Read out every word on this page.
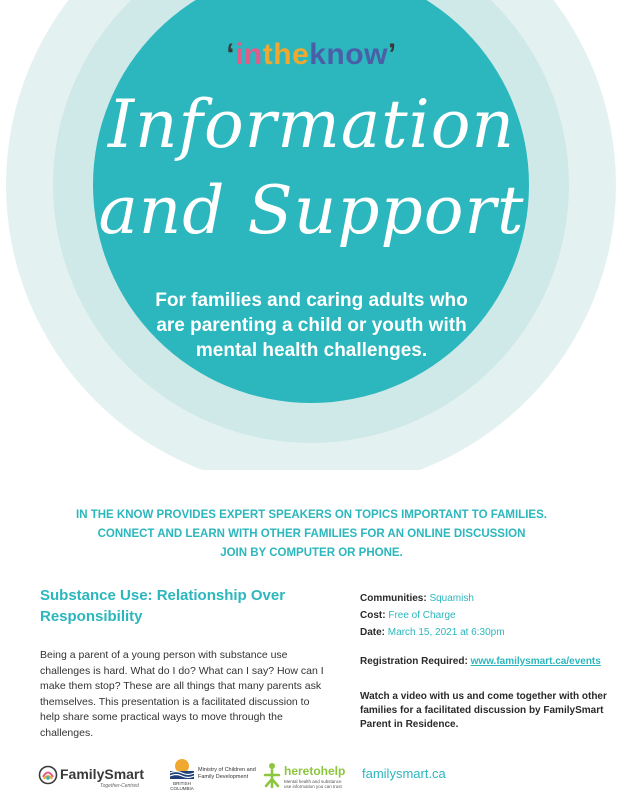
‘intheknow’
Information
and Support
For families and caring adults who
are parenting a child or youth with
mental health challenges.
IN THE KNOW PROVIDES EXPERT SPEAKERS ON TOPICS IMPORTANT TO FAMILIES.
CONNECT AND LEARN WITH OTHER FAMILIES FOR AN ONLINE DISCUSSION
JOIN BY COMPUTER OR PHONE.
Substance Use: Relationship Over
Responsibility
Being a parent of a young person with substance use challenges is hard. What do I do? What can I say? How can I make them stop? These are all things that many parents ask themselves. This presentation is a facilitated discussion to help share some practical ways to move through the challenges.
Communities: Squamish
Cost: Free of Charge
Date: March 15, 2021 at 6:30pm
Registration Required: www.familysmart.ca/events
Watch a video with us and come together with other families for a facilitated discussion by FamilySmart Parent in Residence.
FamilySmart
Together-Centred	BRITISH COLUMBIA
Ministry of Children and Family Development	heretohelp
Mental health and substance use information you can trust
familysmart.ca
